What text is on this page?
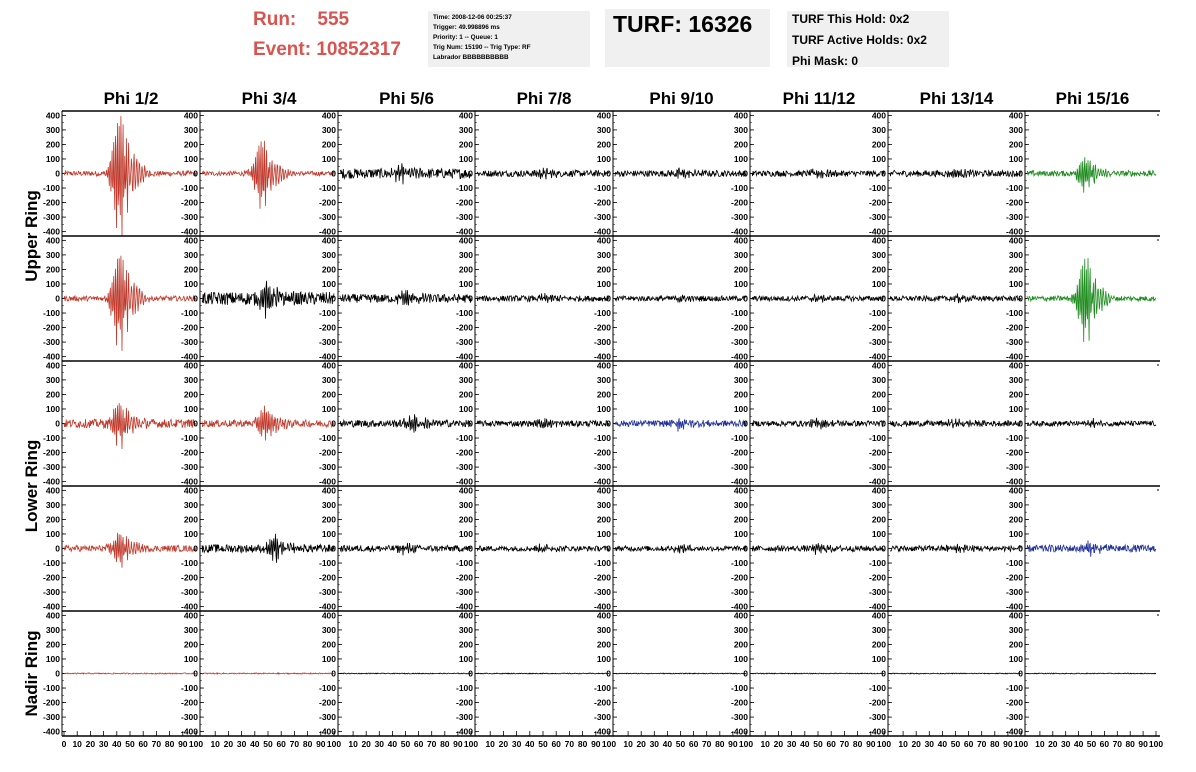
Run: 555
Event: 10852317
Time: 2008-12-06 00:25:37
Trigger: 49.998896 ms
Priority: 1 -- Queue: 1
Trig Num: 15190 -- Trig Type: RF
Labrador BBBBBBBBBB
TURF: 16326	TURF This Hold: 0x2
TURF Active Holds: 0x2
Phi Mask: 0
Phi 1/2	Phi 3/4	Phi 5/6	Phi 7/8	Phi 9/10	Phi 11/12	Phi 13/14	Phi 15/16
Upper Ring
Lower Ring
Nadir Ring
400
300
200
100
0
-100
-200
-300
-400
400
300
200
100
0
-100
-200
-300
-400
400
300
200
100
0
-100
-200
-300
-400
400
300
200
100
0
-100
-200
-300
-400
400
300
200
100
0
-100
-200
-300
-400
400
300
200
100
0
-100
-200
-300
-400
400
300
200
100
0
-100
-200
-300
-400
400
300
200
100
0
-100
-200
-300
-400
400
300
200
100
0
-100
-200
-300
-400
400
300
200
100
0
-100
-200
-300
-400
400
300
200
100
0
-100
-200
-300
-400
400
300
200
100
0
-100
-200
-300
-400
400
300
200
100
0
-100
-200
-300
-400
400
300
200
100
0
-100
-200
-300
-400
400
300
200
100
0
-100
-200
-300
-400
400
300
200
100
0
-100
-200
-300
-400
400
300
200
100
0
-100
-200
-300
-400
400
300
200
100
0
-100
-200
-300
-400
400
300
200
100
0
-100
-200
-300
-400
400
300
200
100
0
-100
-200
-300
-400
400
300
200
100
0
-100
-200
-300
-400
400
300
200
100
0
-100
-200
-300
-400
400
300
200
100
0
-100
-200
-300
-400
400
300
200
100
0
-100
-200
-300
-400
400
300
200
100
0
-100
-200
-300
-400
400
300
200
100
0
-100
-200
-300
-400
400
300
200
100
0
-100
-200
-300
-400
400
300
200
100
0
-100
-200
-300
-400
400
300
200
100
0
-100
-200
-300
-400
400
300
200
100
0
-100
-200
-300
-400
400
300
200
100
0
-100
-200
-300
-400
400
300
200
100
0
-100
-200
-300
-400
400
300
200
100
0
-100
-200
-300
-400
400
300
200
100
0
-100
-200
-300
-400
400
300
200
100
0
-100
-200
-300
-400
400
300
200
100
0
-100
-200
-300
-400
400
300
200
100
0
-100
-200
-300
-400
400
300
200
100
0
-100
-200
-300
-400
400
300
200
100
0
-100
-200
-300
-400
400
300
200
100
0
-100
-200
-300
-400
0 10 20 30 40 50 60 70 80 90 100 10 20 30 40 50 60 70 80 90 100 10 20 30 40 50 60 70 80 90 100 10 20 30 40 50 60 70 80 90 100 10 20 30 40 50 60 70 80 90 100 10 20 30 40 50 60 70 80 90 100 10 20 30 40 50 60 70 80 90 100 10 20 30 40 50 60 70 80 90 100
